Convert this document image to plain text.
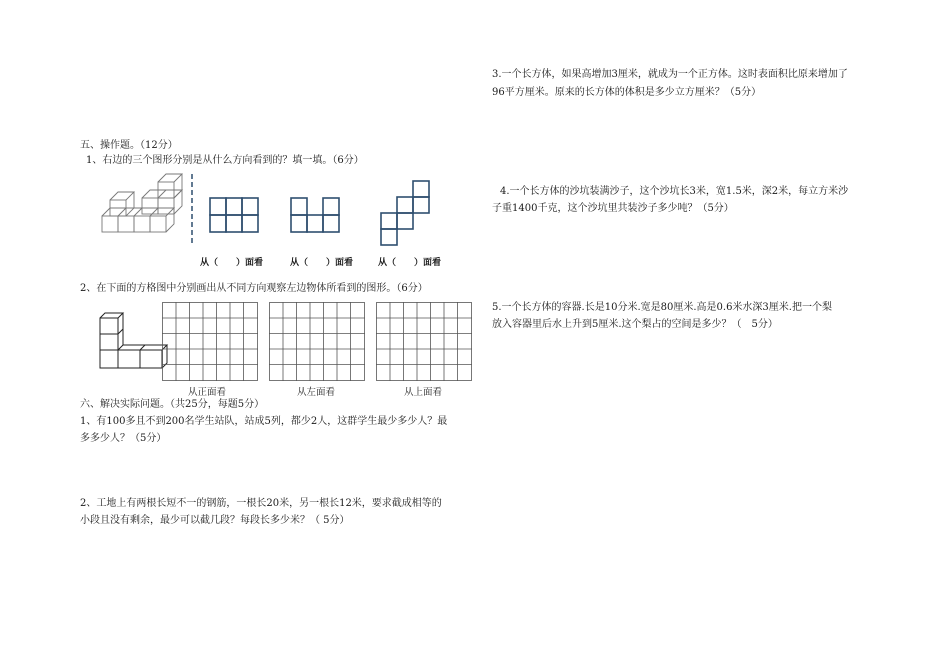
五、操作题。（12分）
1、右边的三个图形分别是从什么方向看到的？填一填。（6分）
从（　　）面看	从（　　）面看	从（　　）面看
2、在下面的方格图中分别画出从不同方向观察左边物体所看到的图形。（6分）
从正面看	从左面看	从上面看
六、解决实际问题。（共25分，每题5分）
1、有100多且不到200名学生站队，站成5列，都少2人，这群学生最少多少人？最
多多少人？（5分）
2、工地上有两根长短不一的钢筋，一根长20米，另一根长12米，要求截成相等的
小段且没有剩余，最少可以截几段？每段长多少米？（ 5分）
3.一个长方体，如果高增加3厘米，就成为一个正方体。这时表面积比原来增加了
96平方厘米。原来的长方体的体积是多少立方厘米？（5分）
4.一个长方体的沙坑装满沙子，这个沙坑长3米，宽1.5米，深2米，每立方米沙
子重1400千克，这个沙坑里共装沙子多少吨？（5分）
5.一个长方体的容器.长是10分米.宽是80厘米.高是0.6米水深3厘米.把一个梨
放入容器里后水上升到5厘米.这个梨占的空间是多少？（　5分）
